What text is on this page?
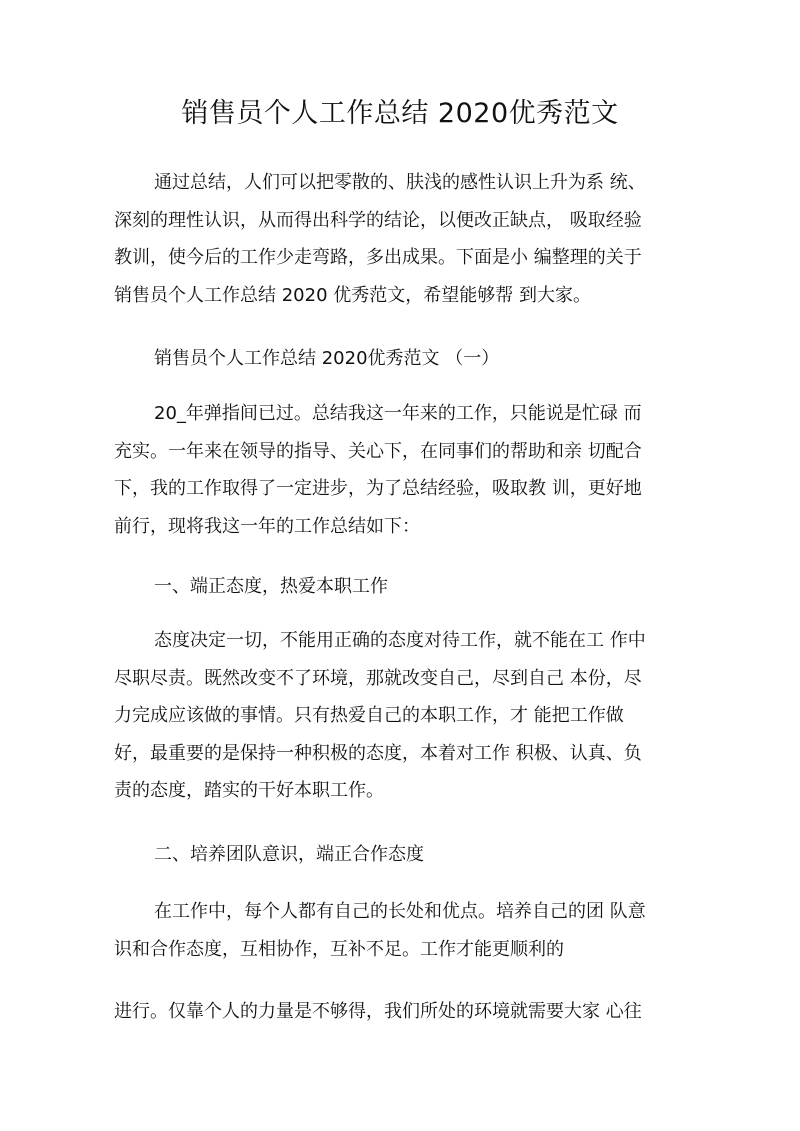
销售员个人工作总结 2020优秀范文
通过总结，人们可以把零散的、肤浅的感性认识上升为系 统、
深刻的理性认识，从而得出科学的结论，以便改正缺点， 吸取经验
教训，使今后的工作少走弯路，多出成果。下面是小 编整理的关于
销售员个人工作总结 2020 优秀范文，希望能够帮 到大家。
销售员个人工作总结 2020优秀范文 （一）
20_年弹指间已过。总结我这一年来的工作，只能说是忙碌 而
充实。一年来在领导的指导、关心下，在同事们的帮助和亲 切配合
下，我的工作取得了一定进步，为了总结经验，吸取教 训，更好地
前行，现将我这一年的工作总结如下：
一、端正态度，热爱本职工作
态度决定一切，不能用正确的态度对待工作，就不能在工 作中
尽职尽责。既然改变不了环境，那就改变自己，尽到自己 本份，尽
力完成应该做的事情。只有热爱自己的本职工作，才 能把工作做
好，最重要的是保持一种积极的态度，本着对工作 积极、认真、负
责的态度，踏实的干好本职工作。
二、培养团队意识，端正合作态度
在工作中，每个人都有自己的长处和优点。培养自己的团 队意
识和合作态度，互相协作，互补不足。工作才能更顺利的
进行。仅靠个人的力量是不够得，我们所处的环境就需要大家 心往
